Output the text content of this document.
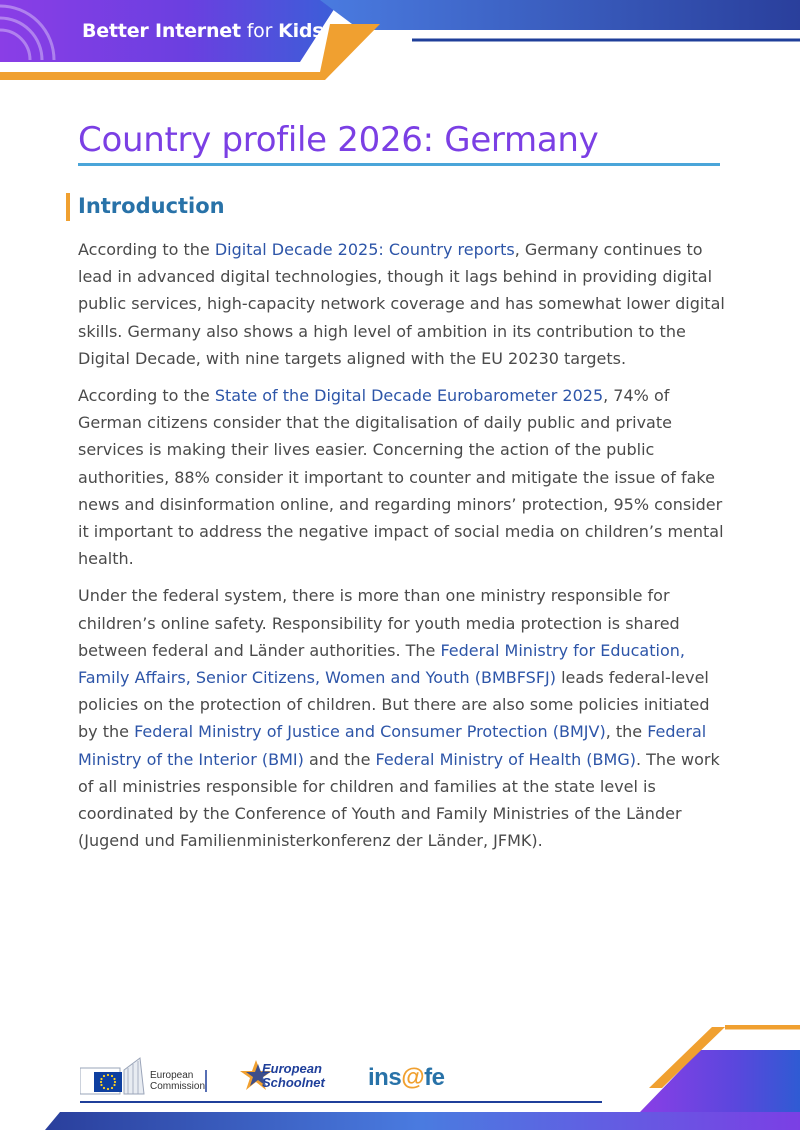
Better Internet for Kids
Country profile 2026: Germany
Introduction

According to the Digital Decade 2025: Country reports, Germany continues to lead in advanced digital technologies, though it lags behind in providing digital public services, high-capacity network coverage and has somewhat lower digital skills. Germany also shows a high level of ambition in its contribution to the Digital Decade, with nine targets aligned with the EU 20230 targets.

According to the State of the Digital Decade Eurobarometer 2025, 74% of German citizens consider that the digitalisation of daily public and private services is making their lives easier. Concerning the action of the public authorities, 88% consider it important to counter and mitigate the issue of fake news and disinformation online, and regarding minors’ protection, 95% consider it important to address the negative impact of social media on children’s mental health.

Under the federal system, there is more than one ministry responsible for children’s online safety. Responsibility for youth media protection is shared between federal and Länder authorities. The Federal Ministry for Education, Family Affairs, Senior Citizens, Women and Youth (BMBFSFJ) leads federal-level policies on the protection of children. But there are also some policies initiated by the Federal Ministry of Justice and Consumer Protection (BMJV), the Federal Ministry of the Interior (BMI) and the Federal Ministry of Health (BMG). The work of all ministries responsible for children and families at the state level is coordinated by the Conference of Youth and Family Ministries of the Länder (Jugend und Familienministerkonferenz der Länder, JFMK).

European
Commission
European
Schoolnet ins@fe
